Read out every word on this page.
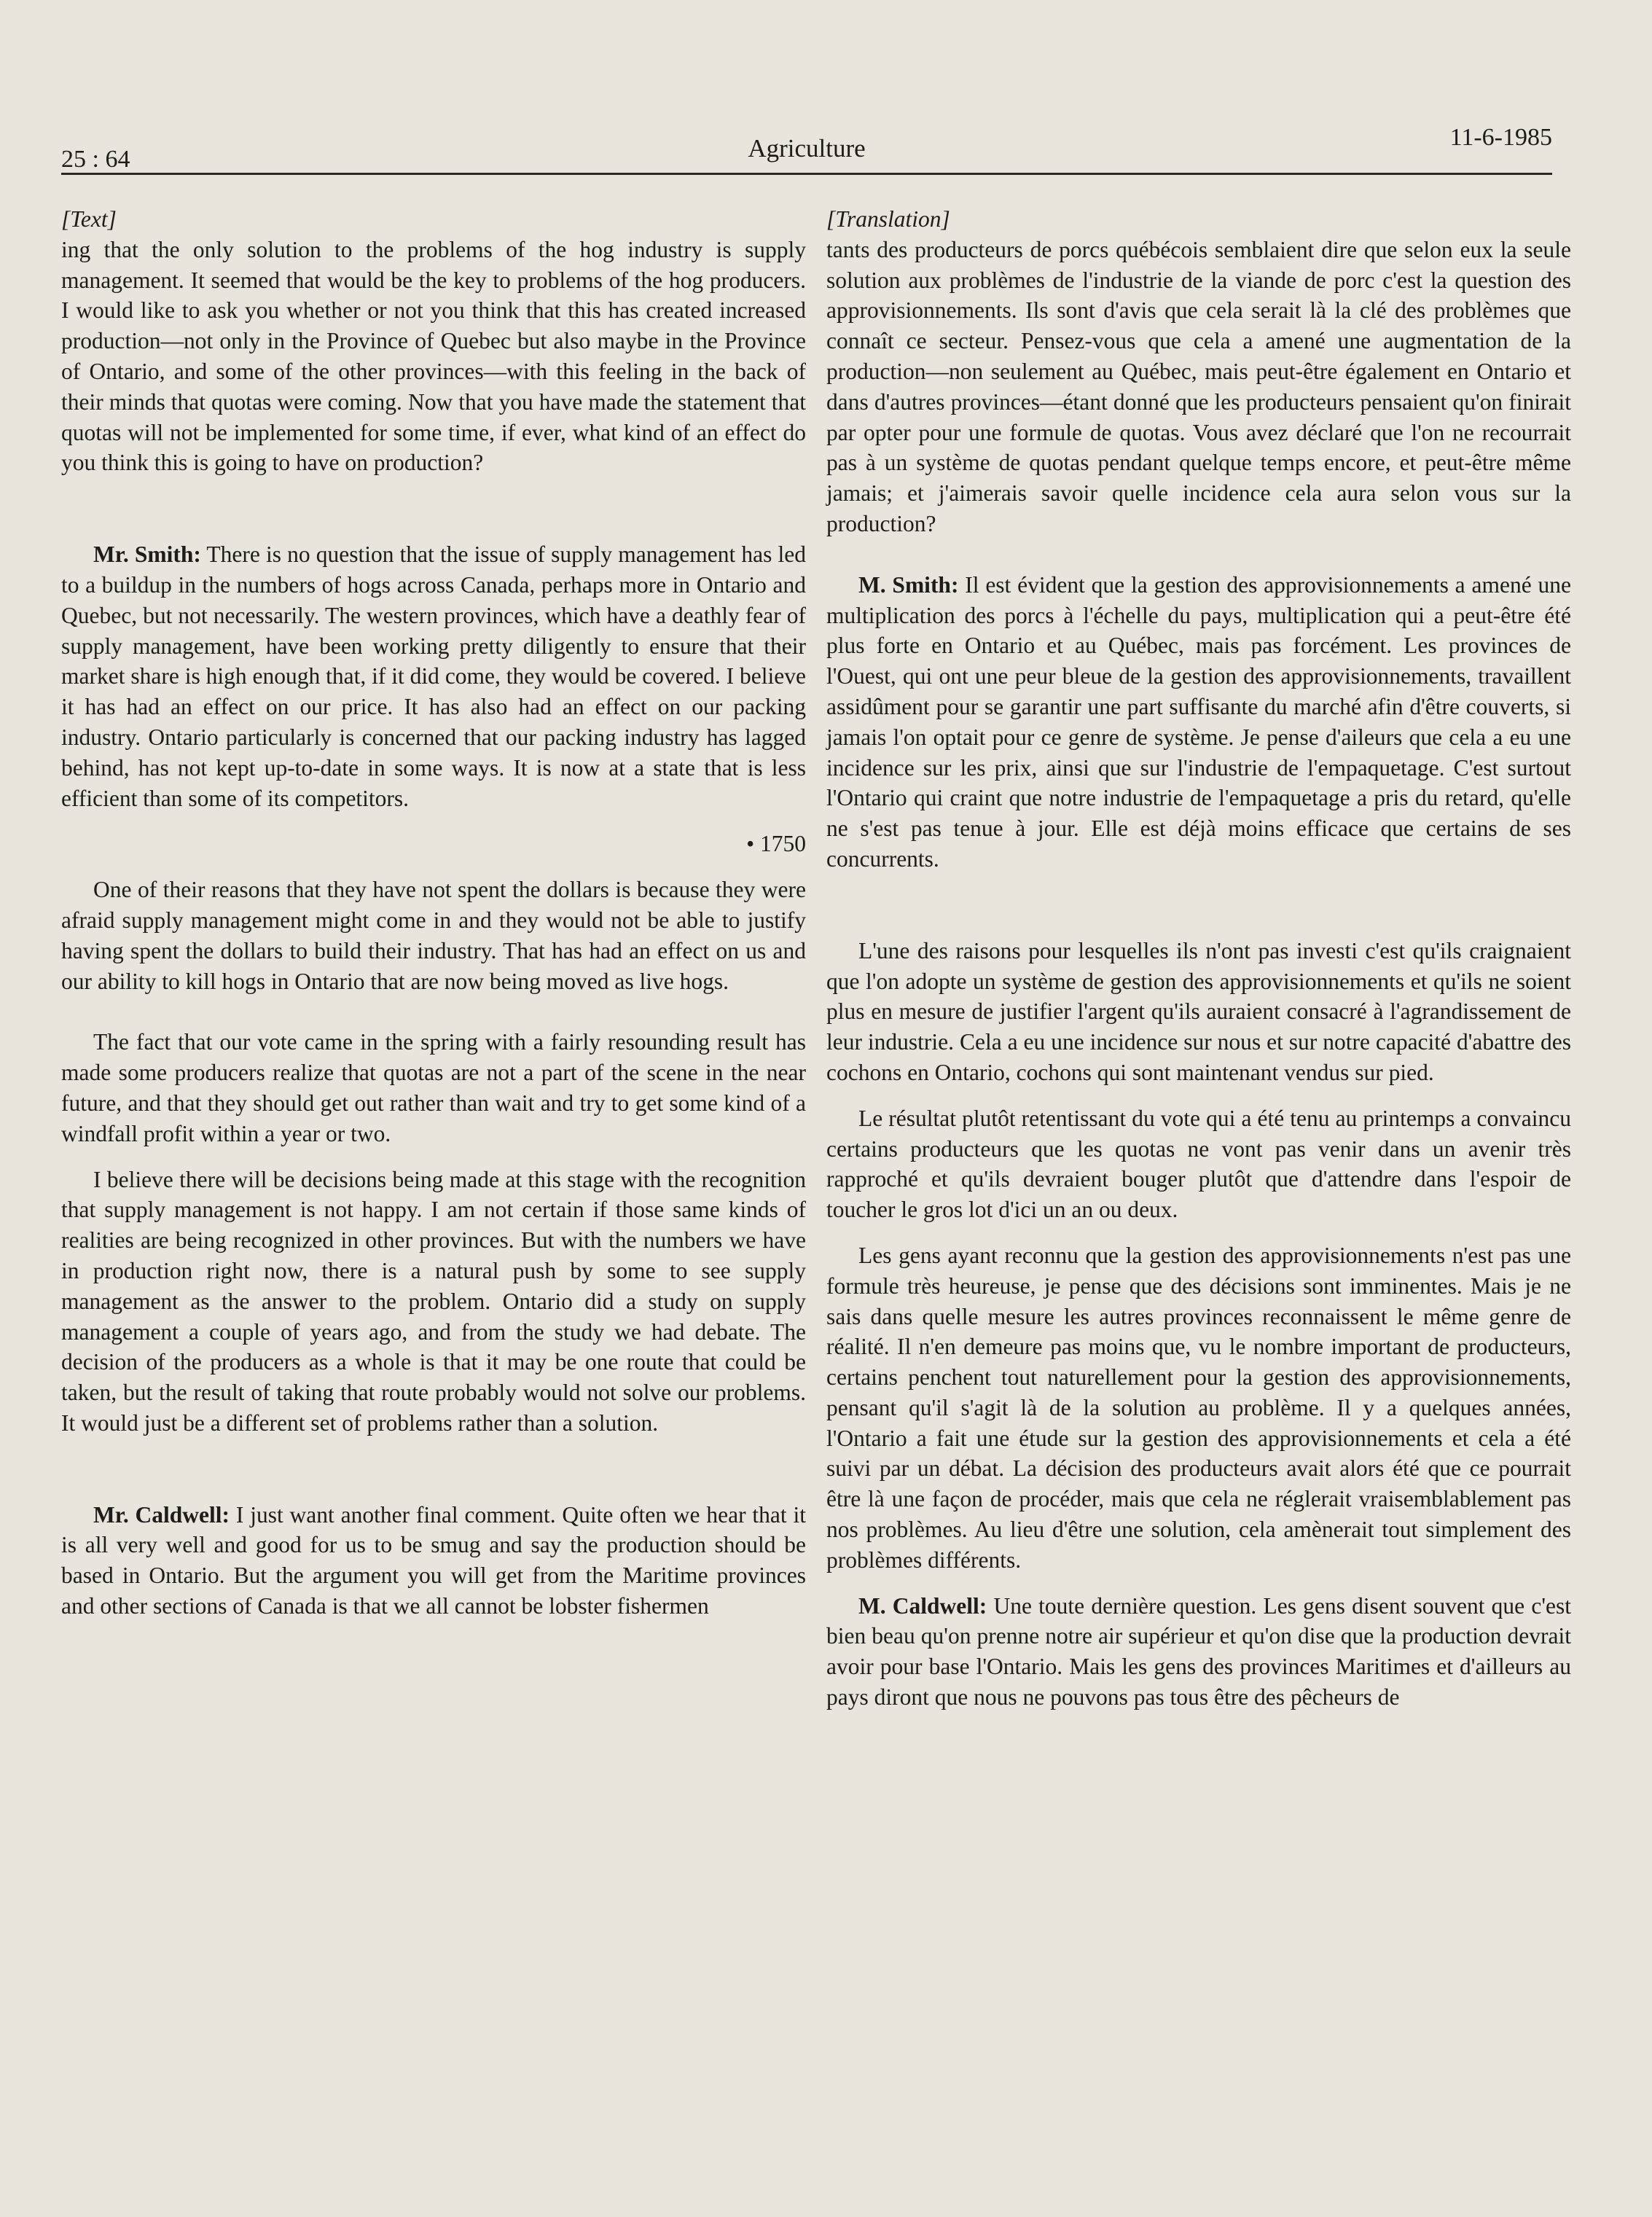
25 : 64	Agriculture	11-6-1985

[Text]

ing that the only solution to the problems of the hog industry is supply management. It seemed that would be the key to problems of the hog producers. I would like to ask you whether or not you think that this has created increased production—not only in the Province of Quebec but also maybe in the Province of Ontario, and some of the other provinces—with this feeling in the back of their minds that quotas were coming. Now that you have made the statement that quotas will not be implemented for some time, if ever, what kind of an effect do you think this is going to have on production?

Mr. Smith: There is no question that the issue of supply management has led to a buildup in the numbers of hogs across Canada, perhaps more in Ontario and Quebec, but not necessarily. The western provinces, which have a deathly fear of supply management, have been working pretty diligently to ensure that their market share is high enough that, if it did come, they would be covered. I believe it has had an effect on our price. It has also had an effect on our packing industry. Ontario particularly is concerned that our packing industry has lagged behind, has not kept up-to-date in some ways. It is now at a state that is less efficient than some of its competitors.

• 1750

One of their reasons that they have not spent the dollars is because they were afraid supply management might come in and they would not be able to justify having spent the dollars to build their industry. That has had an effect on us and our ability to kill hogs in Ontario that are now being moved as live hogs.

The fact that our vote came in the spring with a fairly resounding result has made some producers realize that quotas are not a part of the scene in the near future, and that they should get out rather than wait and try to get some kind of a windfall profit within a year or two.

I believe there will be decisions being made at this stage with the recognition that supply management is not happy. I am not certain if those same kinds of realities are being recognized in other provinces. But with the numbers we have in production right now, there is a natural push by some to see supply management as the answer to the problem. Ontario did a study on supply management a couple of years ago, and from the study we had debate. The decision of the producers as a whole is that it may be one route that could be taken, but the result of taking that route probably would not solve our problems. It would just be a different set of problems rather than a solution.

Mr. Caldwell: I just want another final comment. Quite often we hear that it is all very well and good for us to be smug and say the production should be based in Ontario. But the argument you will get from the Maritime provinces and other sections of Canada is that we all cannot be lobster fishermen

[Translation]

tants des producteurs de porcs québécois semblaient dire que selon eux la seule solution aux problèmes de l'industrie de la viande de porc c'est la question des approvisionnements. Ils sont d'avis que cela serait là la clé des problèmes que connaît ce secteur. Pensez-vous que cela a amené une augmentation de la production—non seulement au Québec, mais peut-être également en Ontario et dans d'autres provinces—étant donné que les producteurs pensaient qu'on finirait par opter pour une formule de quotas. Vous avez déclaré que l'on ne recourrait pas à un système de quotas pendant quelque temps encore, et peut-être même jamais; et j'aimerais savoir quelle incidence cela aura selon vous sur la production?

M. Smith: Il est évident que la gestion des approvisionnements a amené une multiplication des porcs à l'échelle du pays, multiplication qui a peut-être été plus forte en Ontario et au Québec, mais pas forcément. Les provinces de l'Ouest, qui ont une peur bleue de la gestion des approvisionnements, travaillent assidûment pour se garantir une part suffisante du marché afin d'être couverts, si jamais l'on optait pour ce genre de système. Je pense d'aileurs que cela a eu une incidence sur les prix, ainsi que sur l'industrie de l'empaquetage. C'est surtout l'Ontario qui craint que notre industrie de l'empaquetage a pris du retard, qu'elle ne s'est pas tenue à jour. Elle est déjà moins efficace que certains de ses concurrents.

L'une des raisons pour lesquelles ils n'ont pas investi c'est qu'ils craignaient que l'on adopte un système de gestion des approvisionnements et qu'ils ne soient plus en mesure de justifier l'argent qu'ils auraient consacré à l'agrandissement de leur industrie. Cela a eu une incidence sur nous et sur notre capacité d'abattre des cochons en Ontario, cochons qui sont maintenant vendus sur pied.

Le résultat plutôt retentissant du vote qui a été tenu au printemps a convaincu certains producteurs que les quotas ne vont pas venir dans un avenir très rapproché et qu'ils devraient bouger plutôt que d'attendre dans l'espoir de toucher le gros lot d'ici un an ou deux.

Les gens ayant reconnu que la gestion des approvisionnements n'est pas une formule très heureuse, je pense que des décisions sont imminentes. Mais je ne sais dans quelle mesure les autres provinces reconnaissent le même genre de réalité. Il n'en demeure pas moins que, vu le nombre important de producteurs, certains penchent tout naturellement pour la gestion des approvisionnements, pensant qu'il s'agit là de la solution au problème. Il y a quelques années, l'Ontario a fait une étude sur la gestion des approvisionnements et cela a été suivi par un débat. La décision des producteurs avait alors été que ce pourrait être là une façon de procéder, mais que cela ne réglerait vraisemblablement pas nos problèmes. Au lieu d'être une solution, cela amènerait tout simplement des problèmes différents.

M. Caldwell: Une toute dernière question. Les gens disent souvent que c'est bien beau qu'on prenne notre air supérieur et qu'on dise que la production devrait avoir pour base l'Ontario. Mais les gens des provinces Maritimes et d'ailleurs au pays diront que nous ne pouvons pas tous être des pêcheurs de
